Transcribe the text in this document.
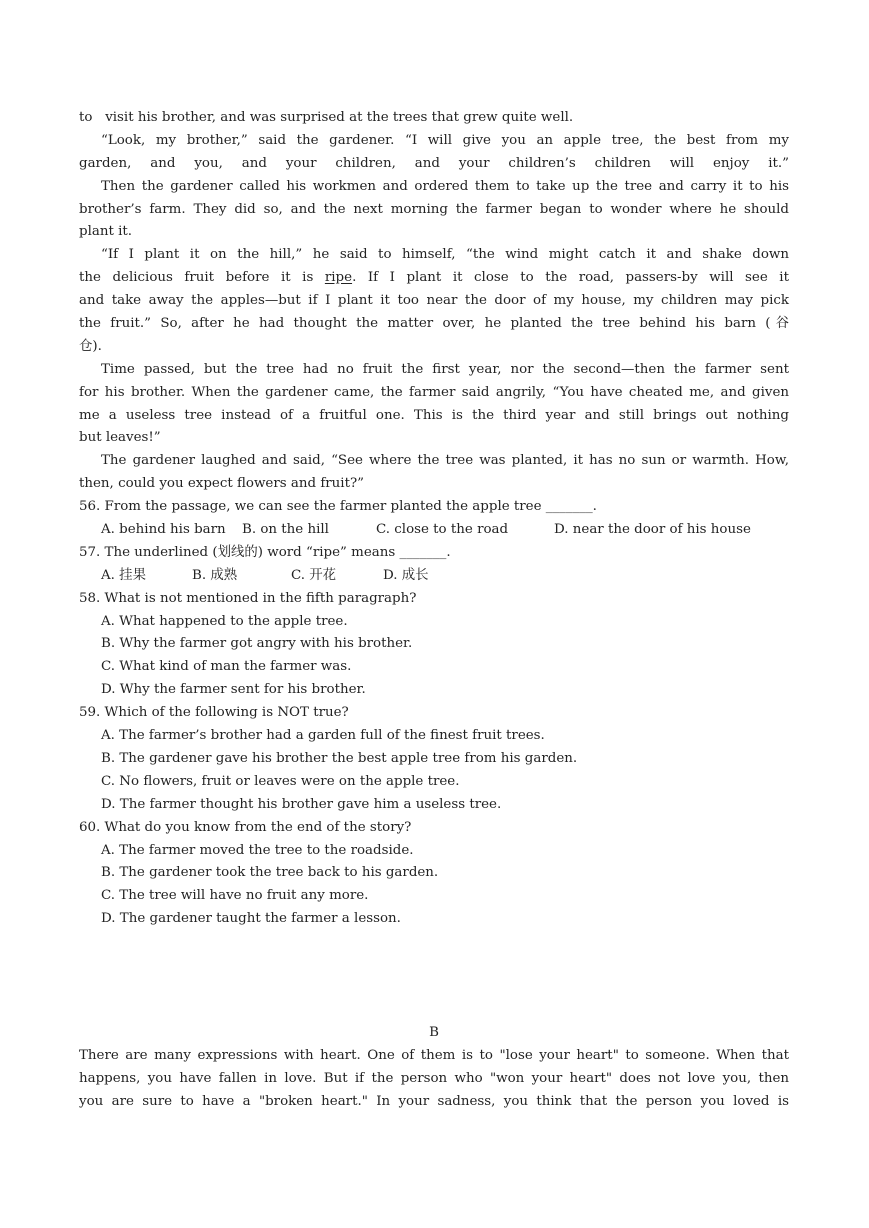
to   visit his brother, and was surprised at the trees that grew quite well.
“Look, my brother,” said the gardener. “I will give you an apple tree, the best from my
garden, and you, and your children, and your children’s children will enjoy it.”
Then the gardener called his workmen and ordered them to take up the tree and carry it to his
brother’s farm. They did so, and the next morning the farmer began to wonder where he should
plant it.
“If I plant it on the hill,” he said to himself, “the wind might catch it and shake down
the delicious fruit before it is ripe. If I plant it close to the road, passers-by will see it
and take away the apples—but if I plant it too near the door of my house, my children may pick
the fruit.” So, after he had thought the matter over, he planted the tree behind his barn (谷
仓).
Time passed, but the tree had no fruit the first year, nor the second—then the farmer sent
for his brother. When the gardener came, the farmer said angrily, “You have cheated me, and given
me a useless tree instead of a fruitful one. This is the third year and still brings out nothing
but leaves!”
The gardener laughed and said, “See where the tree was planted, it has no sun or warmth. How,
then, could you expect flowers and fruit?”
56. From the passage, we can see the farmer planted the apple tree _______.
A. behind his barn	B. on the hill	C. close to the road	D. near the door of his house
57. The underlined (划线的) word “ripe” means _______.
A. 挂果	B. 成熟	C. 开花	D. 成长
58. What is not mentioned in the fifth paragraph?
A. What happened to the apple tree.
B. Why the farmer got angry with his brother.
C. What kind of man the farmer was.
D. Why the farmer sent for his brother.
59. Which of the following is NOT true?
A. The farmer’s brother had a garden full of the finest fruit trees.
B. The gardener gave his brother the best apple tree from his garden.
C. No flowers, fruit or leaves were on the apple tree.
D. The farmer thought his brother gave him a useless tree.
60. What do you know from the end of the story?
A. The farmer moved the tree to the roadside.
B. The gardener took the tree back to his garden.
C. The tree will have no fruit any more.
D. The gardener taught the farmer a lesson.
B
There are many expressions with heart. One of them is to "lose your heart" to someone. When that
happens, you have fallen in love. But if the person who "won your heart" does not love you, then
you are sure to have a "broken heart." In your sadness, you think that the person you loved is
